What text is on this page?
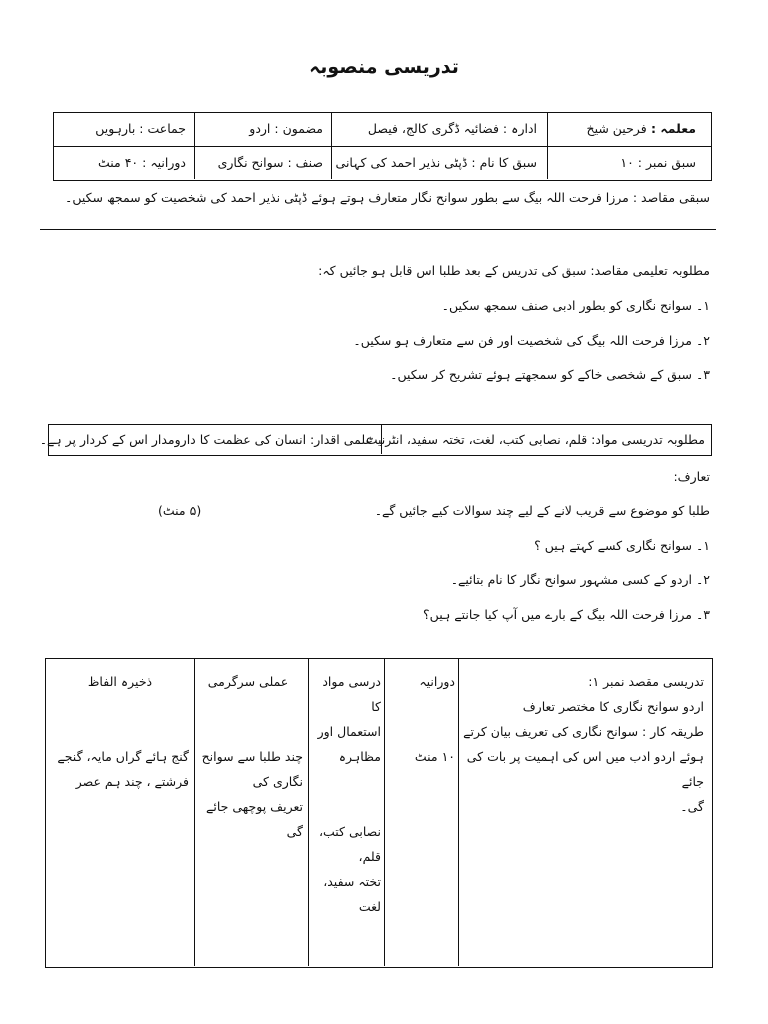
تدریسی منصوبہ
معلمہ : فرحین شیخ
ادارہ : فضائیہ ڈگری کالج، فیصل
مضمون : اردو
جماعت : بارہویں
سبق نمبر : ۱۰
سبق کا نام : ڈپٹی نذیر احمد کی کہانی
صنف : سوانح نگاری
دورانیہ : ۴۰ منٹ
سبقی مقاصد : مرزا فرحت اللہ بیگ سے بطور سوانح نگار متعارف ہوتے ہوئے ڈپٹی نذیر احمد کی شخصیت کو سمجھ سکیں۔
مطلوبہ تعلیمی مقاصد: سبق کی تدریس کے بعد طلبا اس قابل ہو جائیں کہ:
۱۔ سوانح نگاری کو بطور ادبی صنف سمجھ سکیں۔
۲۔ مرزا فرحت اللہ بیگ کی شخصیت اور فن سے متعارف ہو سکیں۔
۳۔ سبق کے شخصی خاکے کو سمجھتے ہوئے تشریح کر سکیں۔
مطلوبہ تدریسی مواد: قلم، نصابی کتب، لغت، تختہ سفید، انٹرنیٹ
علمی اقدار: انسان کی عظمت کا دارومدار اس کے کردار پر ہے۔
تعارف:
طلبا کو موضوع سے قریب لانے کے لیے چند سوالات کیے جائیں گے۔
(۵ منٹ)
۱۔ سوانح نگاری کسے کہتے ہیں ؟
۲۔ اردو کے کسی مشہور سوانح نگار کا نام بتائیے۔
۳۔ مرزا فرحت اللہ بیگ کے بارے میں آپ کیا جانتے ہیں؟
تدریسی مقصد نمبر ۱:
اردو سوانح نگاری کا مختصر تعارف
طریقہ کار : سوانح نگاری کی تعریف بیان کرتے
ہوئے اردو ادب میں اس کی اہمیت پر بات کی جائے
گی۔
دورانیہ
۱۰ منٹ
درسی مواد کا
استعمال اور
مظاہرہ
نصابی کتب، قلم،
تختہ سفید، لغت
عملی سرگرمی
چند طلبا سے سوانح نگاری کی
تعریف پوچھی جائے گی
ذخیرہ الفاظ
گنج ہائے گراں مایہ، گنجے
فرشتے ، چند ہم عصر
